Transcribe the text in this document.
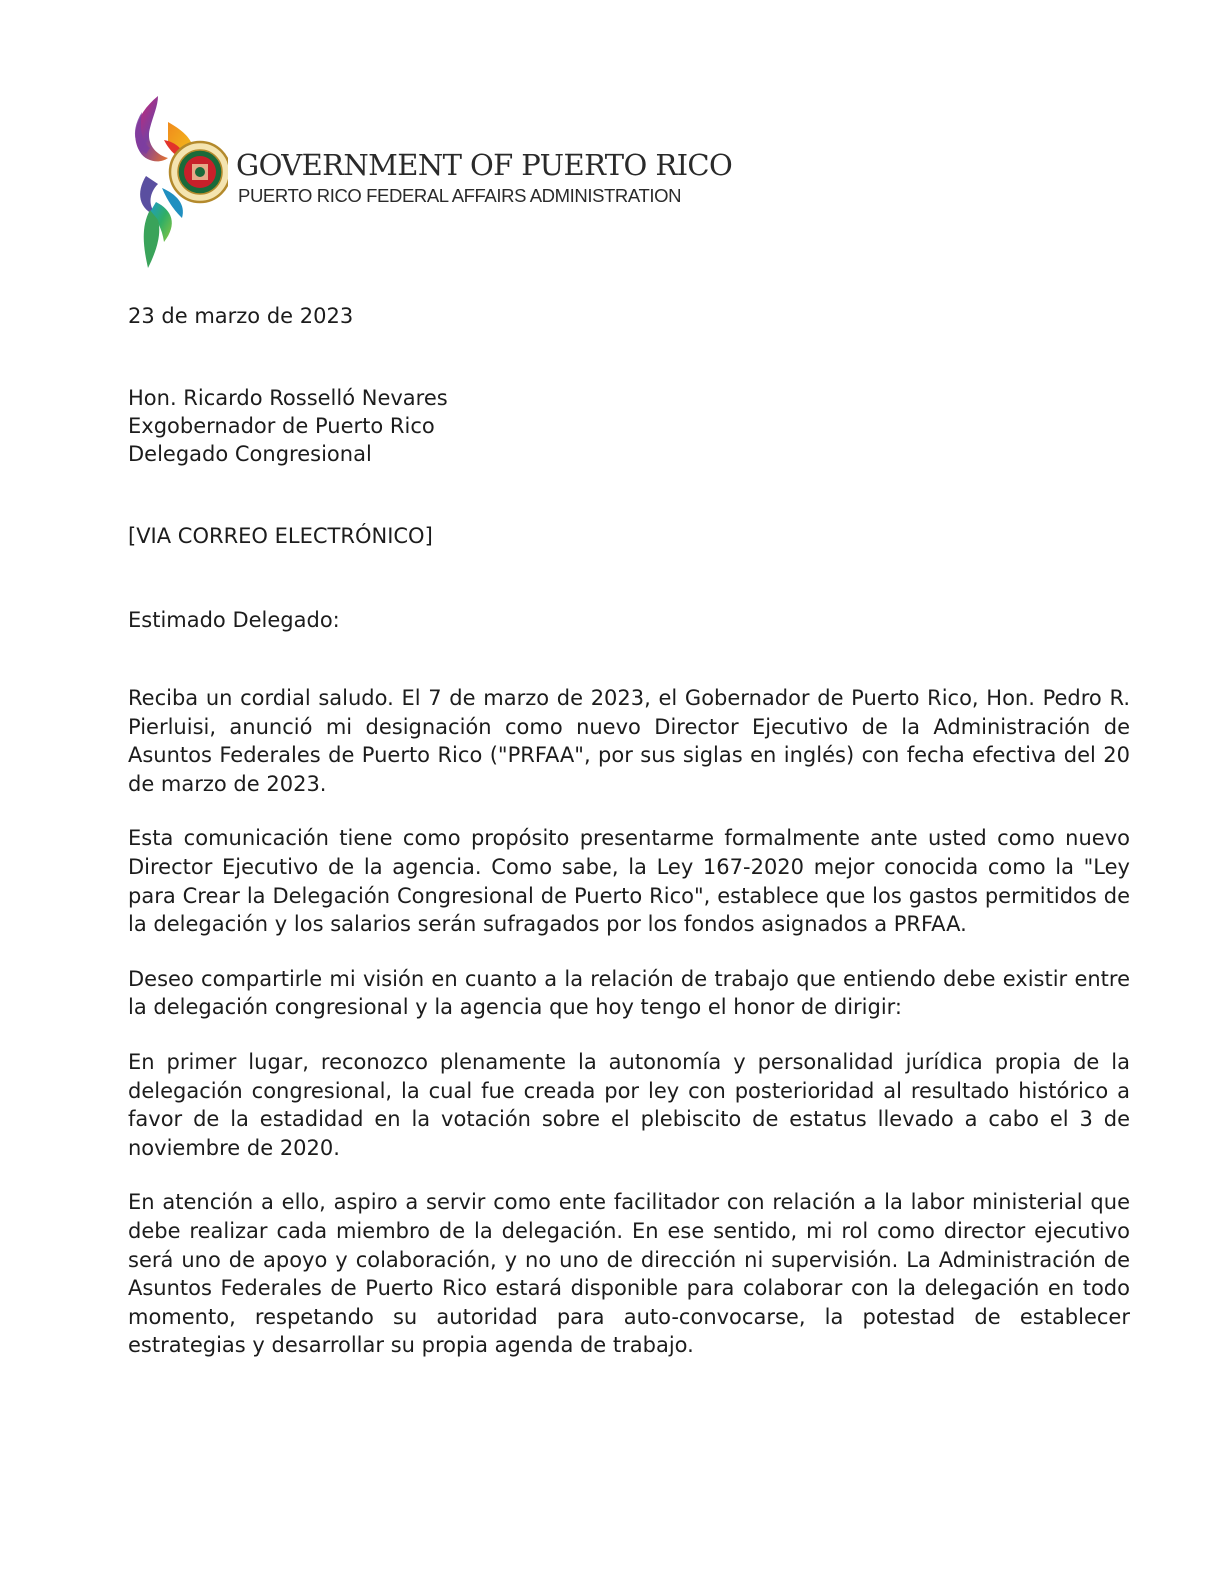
GOVERNMENT OF PUERTO RICO
PUERTO RICO FEDERAL AFFAIRS ADMINISTRATION
23 de marzo de 2023
Hon. Ricardo Rosselló Nevares
Exgobernador de Puerto Rico
Delegado Congresional
[VIA CORREO ELECTRÓNICO]
Estimado Delegado:

Reciba un cordial saludo. El 7 de marzo de 2023, el Gobernador de Puerto Rico, Hon. Pedro R. Pierluisi, anunció mi designación como nuevo Director Ejecutivo de la Administración de Asuntos Federales de Puerto Rico ("PRFAA", por sus siglas en inglés) con fecha efectiva del 20 de marzo de 2023.

Esta comunicación tiene como propósito presentarme formalmente ante usted como nuevo Director Ejecutivo de la agencia. Como sabe, la Ley 167-2020 mejor conocida como la "Ley para Crear la Delegación Congresional de Puerto Rico", establece que los gastos permitidos de la delegación y los salarios serán sufragados por los fondos asignados a PRFAA.

Deseo compartirle mi visión en cuanto a la relación de trabajo que entiendo debe existir entre la delegación congresional y la agencia que hoy tengo el honor de dirigir:

En primer lugar, reconozco plenamente la autonomía y personalidad jurídica propia de la delegación congresional, la cual fue creada por ley con posterioridad al resultado histórico a favor de la estadidad en la votación sobre el plebiscito de estatus llevado a cabo el 3 de noviembre de 2020.

En atención a ello, aspiro a servir como ente facilitador con relación a la labor ministerial que debe realizar cada miembro de la delegación. En ese sentido, mi rol como director ejecutivo será uno de apoyo y colaboración, y no uno de dirección ni supervisión. La Administración de Asuntos Federales de Puerto Rico estará disponible para colaborar con la delegación en todo momento, respetando su autoridad para auto-convocarse, la potestad de establecer estrategias y desarrollar su propia agenda de trabajo.
